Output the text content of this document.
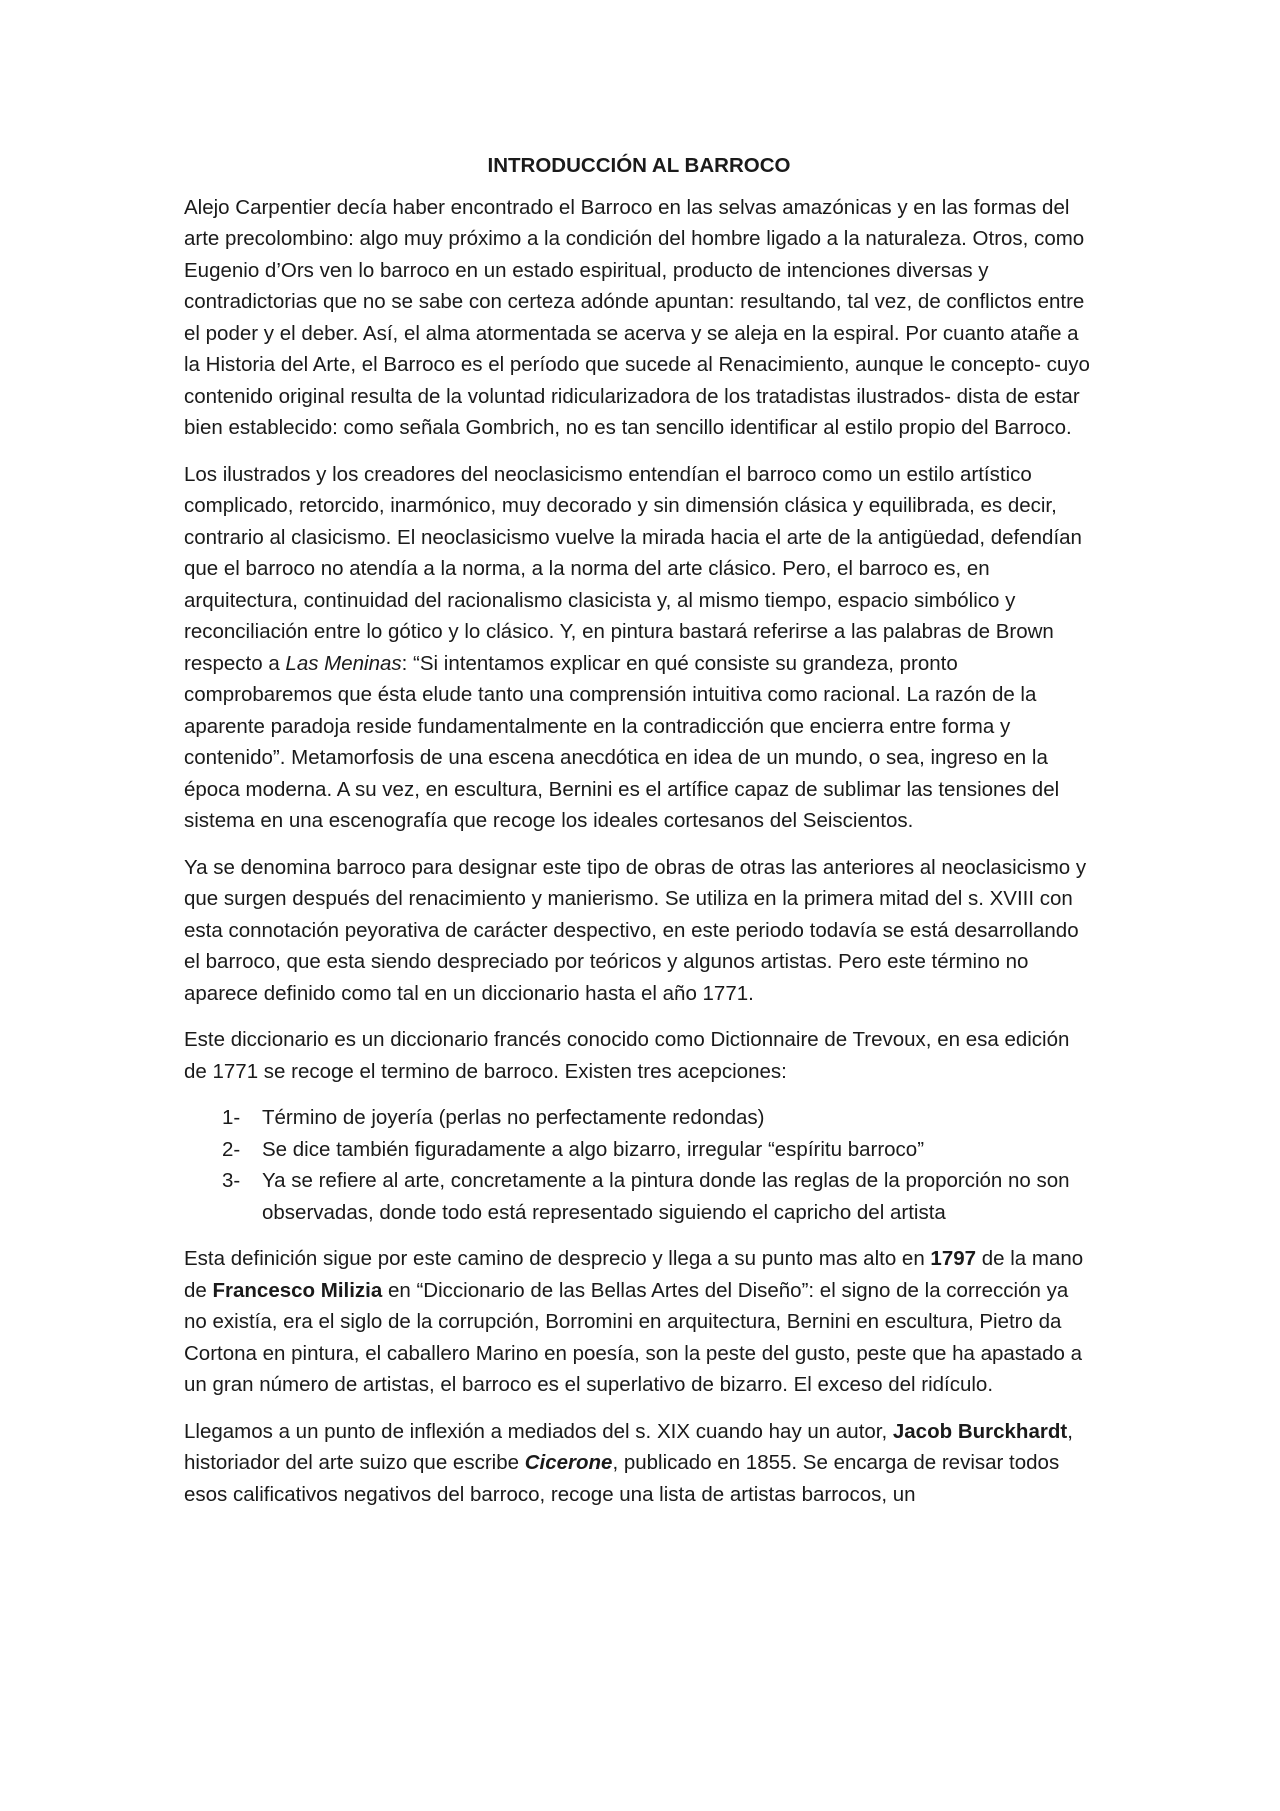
INTRODUCCIÓN AL BARROCO

Alejo Carpentier decía haber encontrado el Barroco en las selvas amazónicas y en las formas del arte precolombino: algo muy próximo a la condición del hombre ligado a la naturaleza. Otros, como Eugenio d’Ors ven lo barroco en un estado espiritual, producto de intenciones diversas y contradictorias que no se sabe con certeza adónde apuntan: resultando, tal vez, de conflictos entre el poder y el deber. Así, el alma atormentada se acerva y se aleja en la espiral. Por cuanto atañe a la Historia del Arte, el Barroco es el período que sucede al Renacimiento, aunque le concepto- cuyo contenido original resulta de la voluntad ridicularizadora de los tratadistas ilustrados- dista de estar bien establecido: como señala Gombrich, no es tan sencillo identificar al estilo propio del Barroco.

Los ilustrados y los creadores del neoclasicismo entendían el barroco como un estilo artístico complicado, retorcido, inarmónico, muy decorado y sin dimensión clásica y equilibrada, es decir, contrario al clasicismo. El neoclasicismo vuelve la mirada hacia el arte de la antigüedad, defendían que el barroco no atendía a la norma, a la norma del arte clásico. Pero, el barroco es, en arquitectura, continuidad del racionalismo clasicista y, al mismo tiempo, espacio simbólico y reconciliación entre lo gótico y lo clásico. Y, en pintura bastará referirse a las palabras de Brown respecto a Las Meninas: “Si intentamos explicar en qué consiste su grandeza, pronto comprobaremos que ésta elude tanto una comprensión intuitiva como racional. La razón de la aparente paradoja reside fundamentalmente en la contradicción que encierra entre forma y contenido”. Metamorfosis de una escena anecdótica en idea de un mundo, o sea, ingreso en la época moderna. A su vez, en escultura, Bernini es el artífice capaz de sublimar las tensiones del sistema en una escenografía que recoge los ideales cortesanos del Seiscientos.

Ya se denomina barroco para designar este tipo de obras de otras las anteriores al neoclasicismo y que surgen después del renacimiento y manierismo. Se utiliza en la primera mitad del s. XVIII con esta connotación peyorativa de carácter despectivo, en este periodo todavía se está desarrollando el barroco, que esta siendo despreciado por teóricos y algunos artistas. Pero este término no aparece definido como tal en un diccionario hasta el año 1771.

Este diccionario es un diccionario francés conocido como Dictionnaire de Trevoux, en esa edición de 1771 se recoge el termino de barroco. Existen tres acepciones:

1- Término de joyería (perlas no perfectamente redondas)
2- Se dice también figuradamente a algo bizarro, irregular “espíritu barroco”
3- Ya se refiere al arte, concretamente a la pintura donde las reglas de la proporción no son observadas, donde todo está representado siguiendo el capricho del artista

Esta definición sigue por este camino de desprecio y llega a su punto mas alto en 1797 de la mano de Francesco Milizia en “Diccionario de las Bellas Artes del Diseño”: el signo de la corrección ya no existía, era el siglo de la corrupción, Borromini en arquitectura, Bernini en escultura, Pietro da Cortona en pintura, el caballero Marino en poesía, son la peste del gusto, peste que ha apastado a un gran número de artistas, el barroco es el superlativo de bizarro. El exceso del ridículo.

Llegamos a un punto de inflexión a mediados del s. XIX cuando hay un autor, Jacob Burckhardt, historiador del arte suizo que escribe Cicerone, publicado en 1855. Se encarga de revisar todos esos calificativos negativos del barroco, recoge una lista de artistas barrocos, un
